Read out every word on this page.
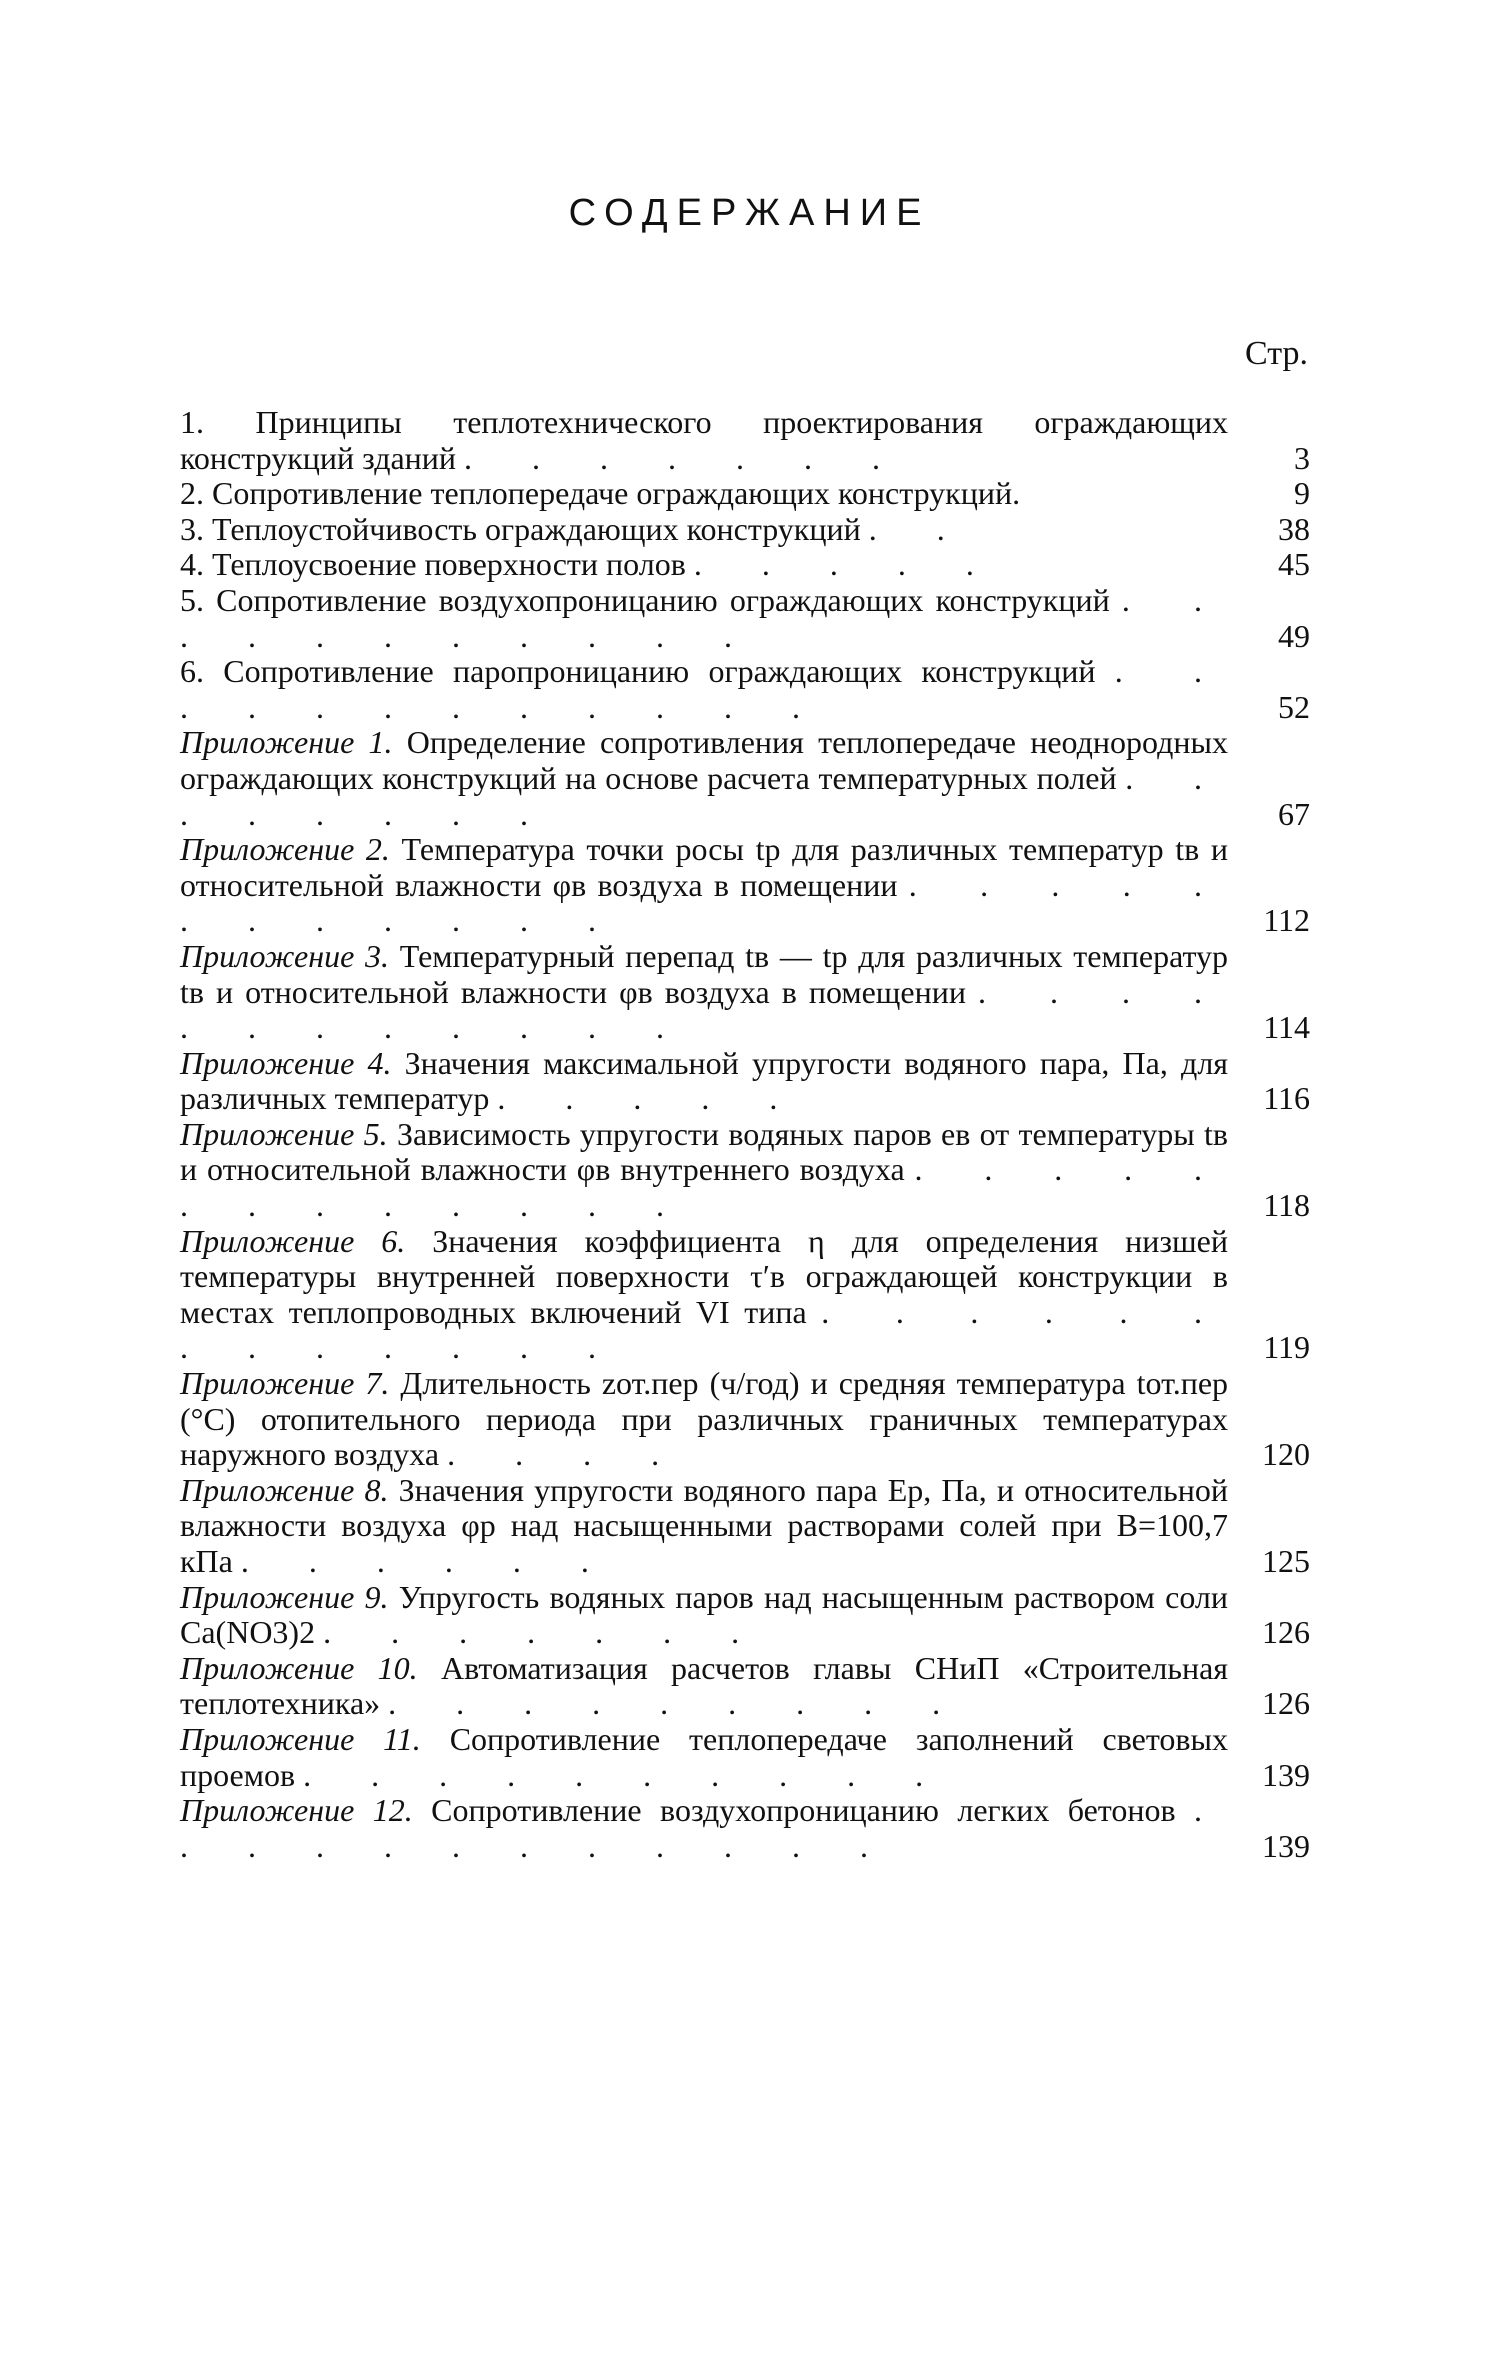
СОДЕРЖАНИЕ
Стр.
1. Принципы теплотехнического проектирования ограждающих конструкций зданий . . . . . . .	3
2. Сопротивление теплопередаче ограждающих конструкций.	9
3. Теплоустойчивость ограждающих конструкций . .	38
4. Теплоусвоение поверхности полов . . . . .	45
5. Сопротивление воздухопроницанию ограждающих конструкций . . . . . . . . . . .	49
6. Сопротивление паропроницанию ограждающих конструкций . . . . . . . . . . . .	52
Приложение 1. Определение сопротивления теплопередаче неоднородных ограждающих конструкций на основе расчета температурных полей . . . . . . . .	67
Приложение 2. Температура точки росы tр для различных температур tв и относительной влажности φв воздуха в помещении . . . . . . . . . . . .	112
Приложение 3. Температурный перепад tв — tр для различных температур tв и относительной влажности φв воздуха в помещении . . . . . . . . . . . .	114
Приложение 4. Значения максимальной упругости водяного пара, Па, для различных температур . . . . .	116
Приложение 5. Зависимость упругости водяных паров eв от температуры tв и относительной влажности φв внутреннего воздуха . . . . . . . . . . . . .	118
Приложение 6. Значения коэффициента η для определения низшей температуры внутренней поверхности τ′в ограждающей конструкции в местах теплопроводных включений VI типа . . . . . . . . . . . . .	119
Приложение 7. Длительность zот.пер (ч/год) и средняя температура tот.пер (°С) отопительного периода при различных граничных температурах наружного воздуха . . . .	120
Приложение 8. Значения упругости водяного пара Eр, Па, и относительной влажности воздуха φр над насыщенными растворами солей при B=100,7 кПа . . . . . .	125
Приложение 9. Упругость водяных паров над насыщенным раствором соли Ca(NO3)2 . . . . . . .	126
Приложение 10. Автоматизация расчетов главы СНиП «Строительная теплотехника» . . . . . . . . .	126
Приложение 11. Сопротивление теплопередаче заполнений световых проемов . . . . . . . . . .	139
Приложение 12. Сопротивление воздухопроницанию легких бетонов . . . . . . . . . . . .	139
